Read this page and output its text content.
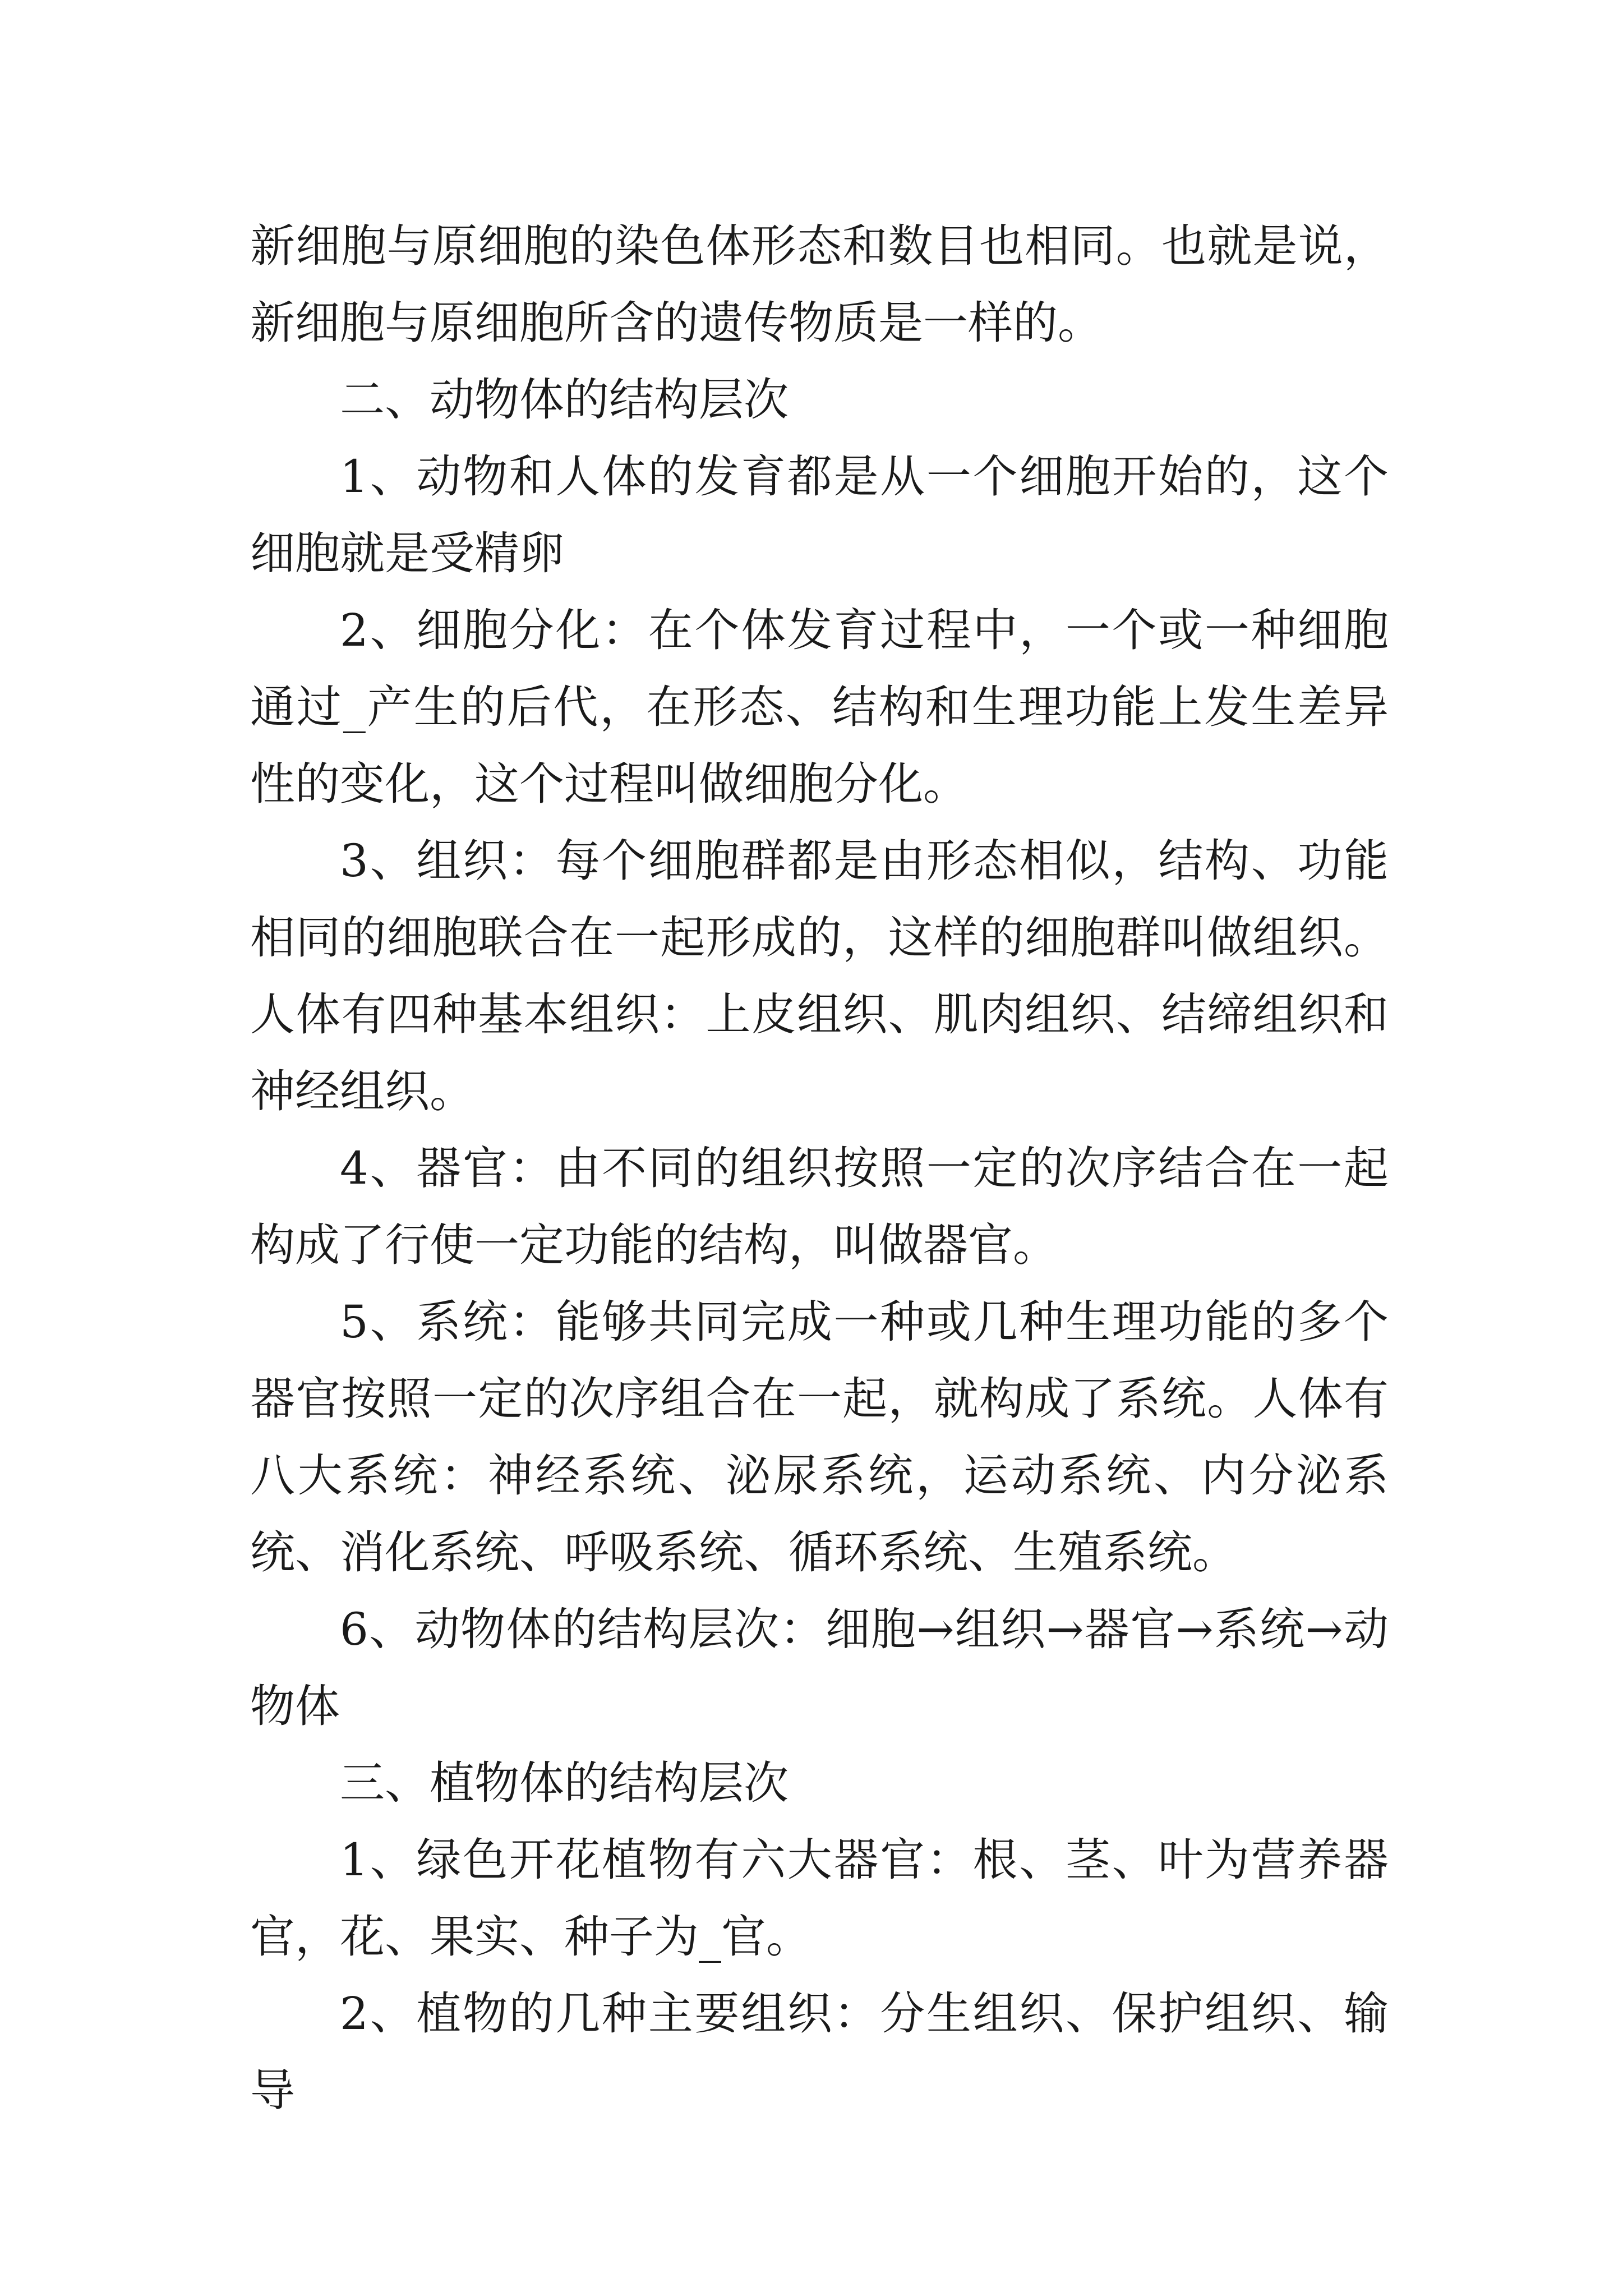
新细胞与原细胞的染色体形态和数目也相同。也就是说，新细胞与原细胞所含的遗传物质是一样的。

二、动物体的结构层次

1、动物和人体的发育都是从一个细胞开始的，这个细胞就是受精卵

2、细胞分化：在个体发育过程中，一个或一种细胞通过_产生的后代，在形态、结构和生理功能上发生差异性的变化，这个过程叫做细胞分化。

3、组织：每个细胞群都是由形态相似，结构、功能相同的细胞联合在一起形成的，这样的细胞群叫做组织。人体有四种基本组织：上皮组织、肌肉组织、结缔组织和神经组织。

4、器官：由不同的组织按照一定的次序结合在一起构成了行使一定功能的结构，叫做器官。

5、系统：能够共同完成一种或几种生理功能的多个器官按照一定的次序组合在一起，就构成了系统。人体有八大系统：神经系统、泌尿系统，运动系统、内分泌系统、消化系统、呼吸系统、循环系统、生殖系统。

6、动物体的结构层次：细胞→组织→器官→系统→动物体

三、植物体的结构层次

1、绿色开花植物有六大器官：根、茎、叶为营养器官，花、果实、种子为_官。

2、植物的几种主要组织：分生组织、保护组织、输导
